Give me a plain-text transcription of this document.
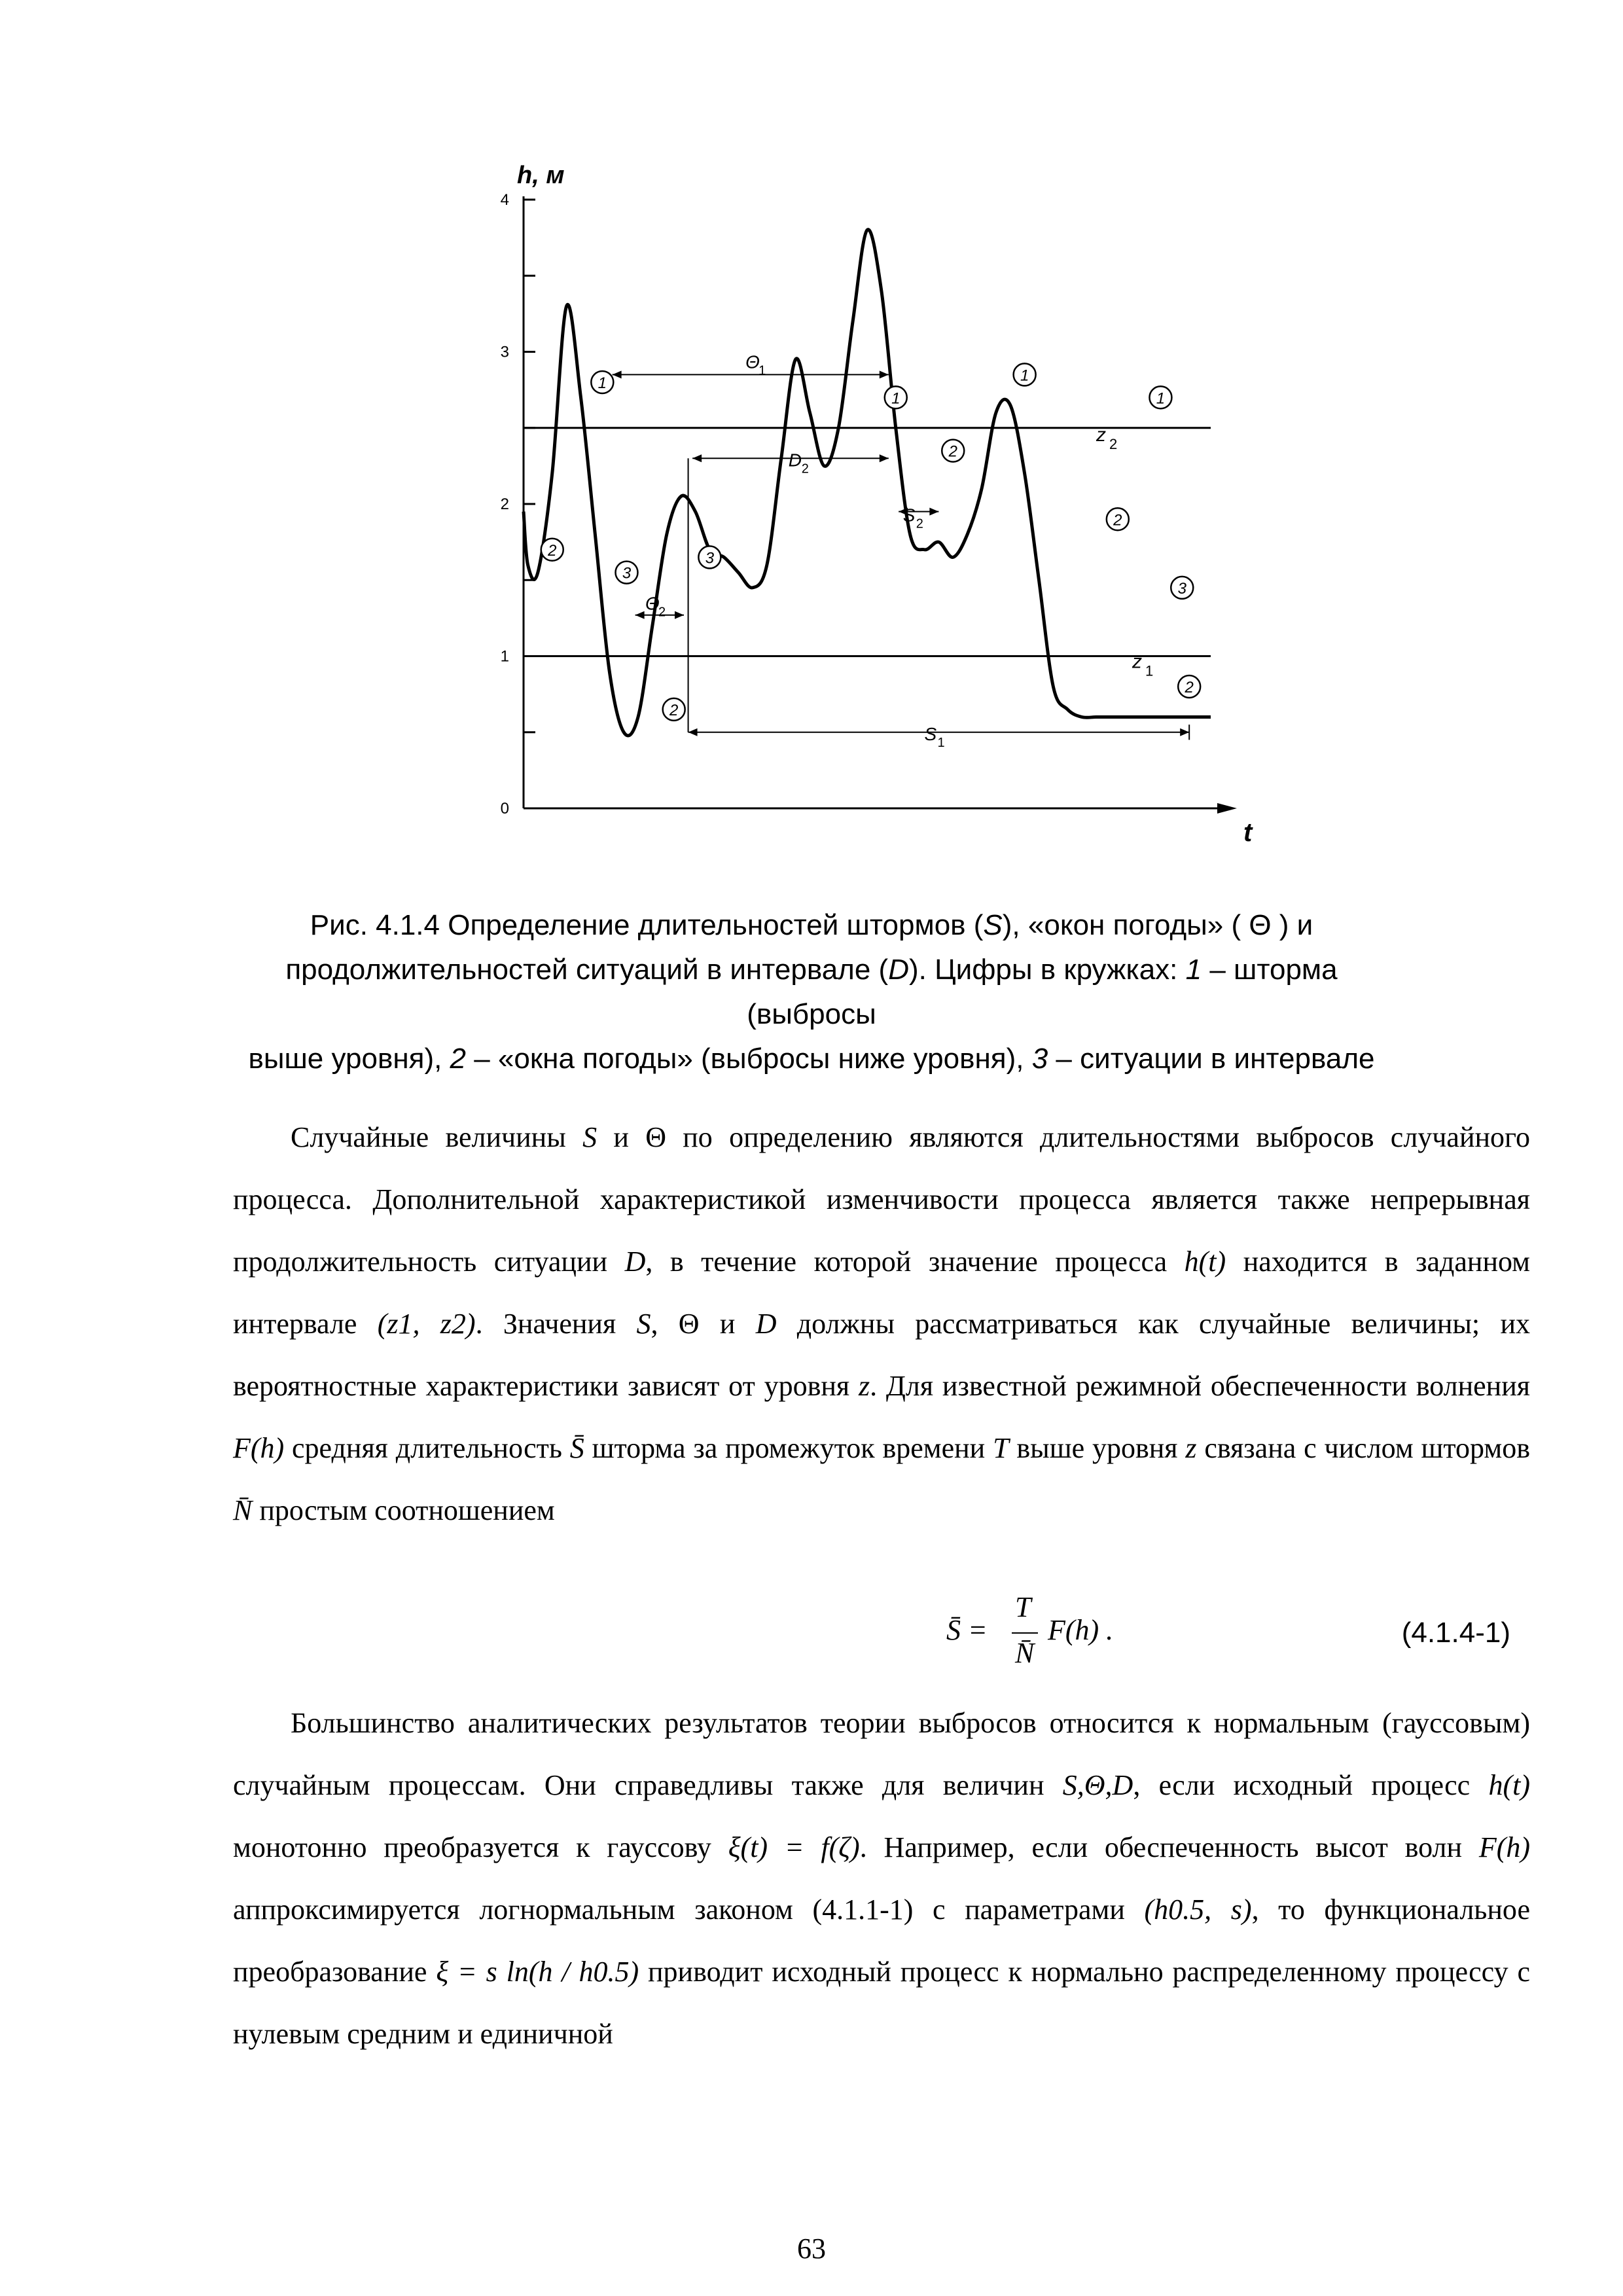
0
1
2
3
4
h, м
t
z 2
z 1
1
1
1
1
2
2
2
2
2
3
3
3
Θ
1
D 2
S 2
Θ
2
S 1
Рис. 4.1.4 Определение длительностей штормов (S), «окон погоды» ( Θ ) и
продолжительностей ситуаций в интервале (D). Цифры в кружках: 1 – шторма (выбросы
выше уровня), 2 – «окна погоды» (выбросы ниже уровня), 3 – ситуации в интервале
Случайные величины S и Θ по определению являются длительностями выбросов случайного процесса. Дополнительной характеристикой изменчивости процесса является также непрерывная продолжительность ситуации D, в течение которой значение процесса h(t) находится в заданном интервале (z1, z2). Значения S, Θ и D должны рассматриваться как случайные величины; их вероятностные характеристики зависят от уровня z. Для известной режимной обеспеченности волнения F(h) средняя длительность S̄ шторма за промежуток времени T выше уровня z связана с числом штормов N̄ простым соотношением
S̄ =
T
N̄
F(h) .	(4.1.4-1)
Большинство аналитических результатов теории выбросов относится к нормальным (гауссовым) случайным процессам. Они справедливы также для величин S,Θ,D, если исходный процесс h(t) монотонно преобразуется к гауссову ξ(t) = f(ζ). Например, если обеспеченность высот волн F(h) аппроксимируется логнормальным законом (4.1.1-1) с параметрами (h0.5, s), то функциональное преобразование ξ = s ln(h / h0.5) приводит исходный процесс к нормально распределенному процессу с нулевым средним и единичной
63
